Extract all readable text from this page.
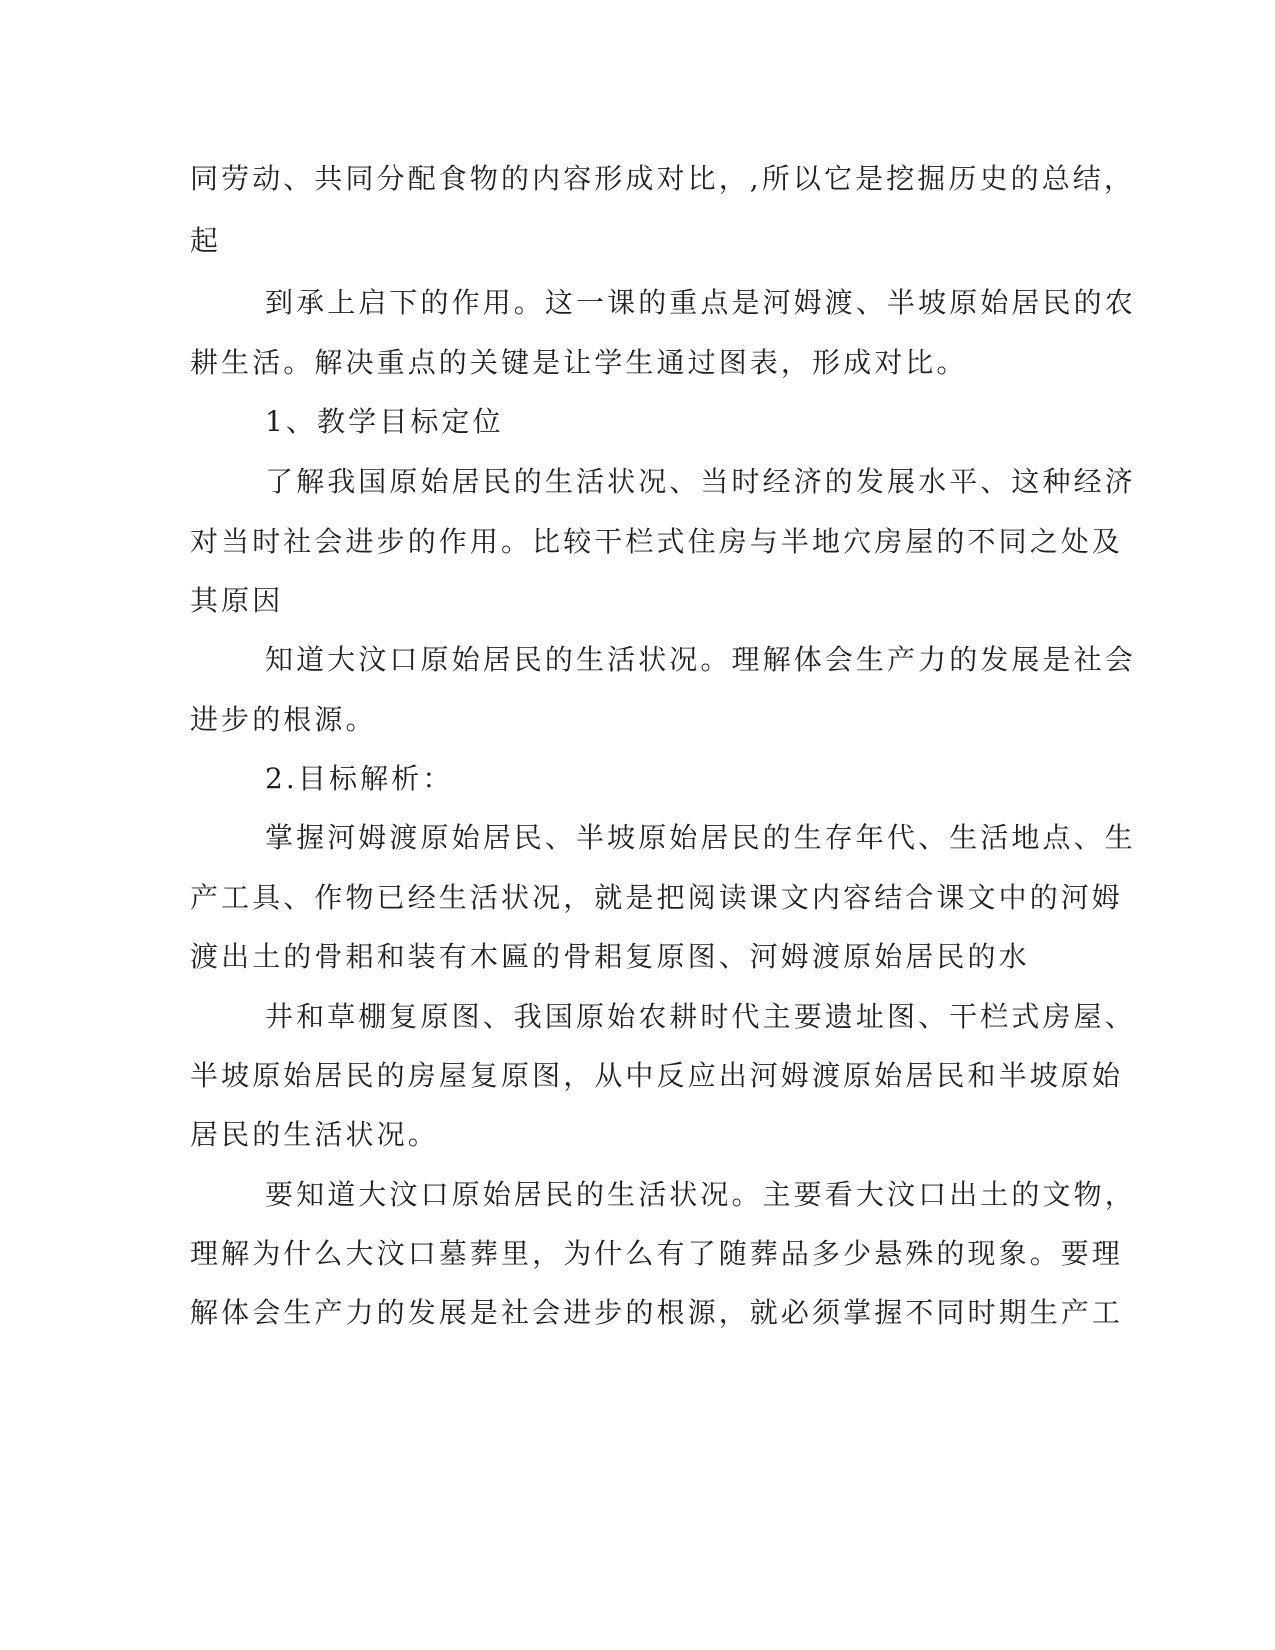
同劳动、共同分配食物的内容形成对比，,所以它是挖掘历史的总结，
起
到承上启下的作用。这一课的重点是河姆渡、半坡原始居民的农
耕生活。解决重点的关键是让学生通过图表，形成对比。
1、教学目标定位
了解我国原始居民的生活状况、当时经济的发展水平、这种经济
对当时社会进步的作用。比较干栏式住房与半地穴房屋的不同之处及
其原因
知道大汶口原始居民的生活状况。理解体会生产力的发展是社会
进步的根源。
2.目标解析：
掌握河姆渡原始居民、半坡原始居民的生存年代、生活地点、生
产工具、作物已经生活状况，就是把阅读课文内容结合课文中的河姆
渡出土的骨耜和装有木匾的骨耜复原图、河姆渡原始居民的水
井和草棚复原图、我国原始农耕时代主要遗址图、干栏式房屋、
半坡原始居民的房屋复原图，从中反应出河姆渡原始居民和半坡原始
居民的生活状况。
要知道大汶口原始居民的生活状况。主要看大汶口出土的文物，
理解为什么大汶口墓葬里，为什么有了随葬品多少悬殊的现象。要理
解体会生产力的发展是社会进步的根源，就必须掌握不同时期生产工
